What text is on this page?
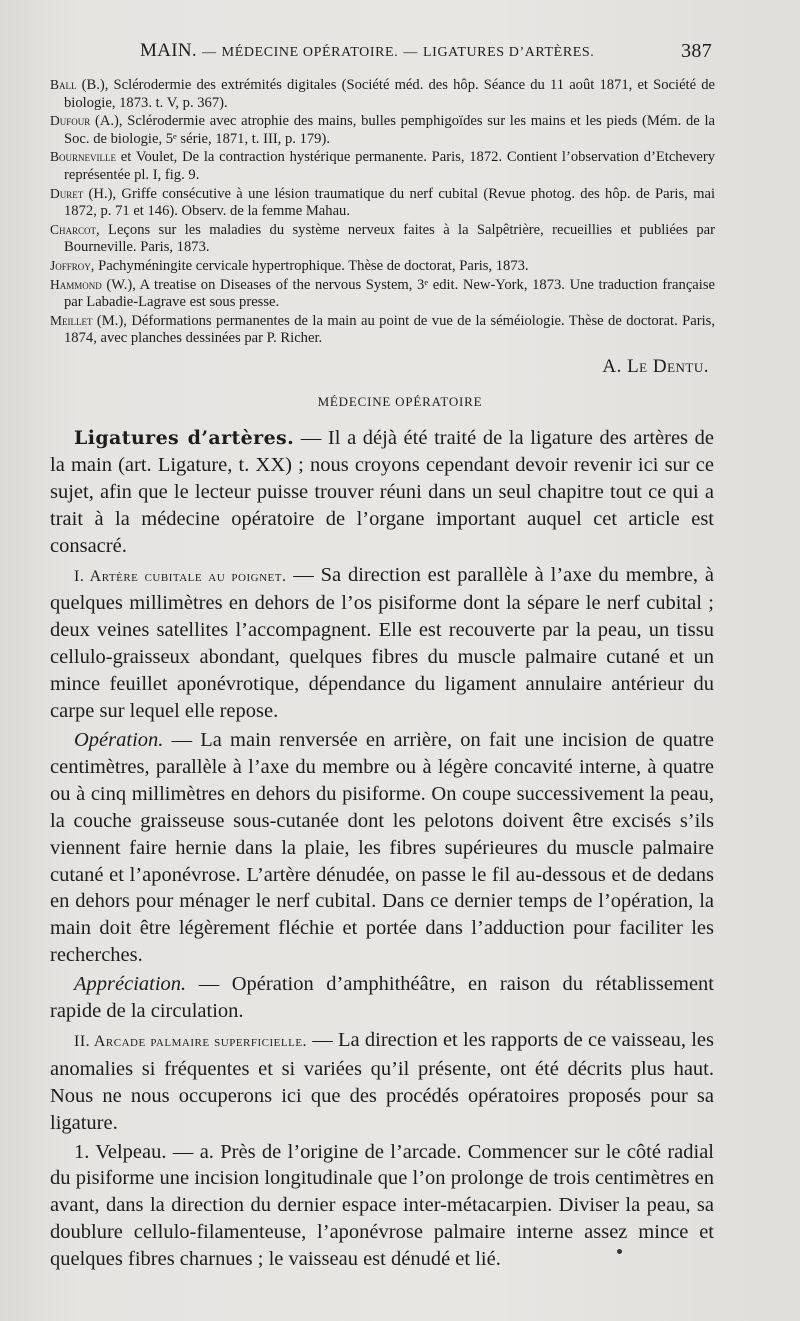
MAIN. — MÉDECINE OPÉRATOIRE. — LIGATURES D’ARTÈRES.	387
Ball (B.), Sclérodermie des extrémités digitales (Société méd. des hôp. Séance du 11 août 1871, et Société de biologie, 1873. t. V, p. 367).
Dufour (A.), Sclérodermie avec atrophie des mains, bulles pemphigoïdes sur les mains et les pieds (Mém. de la Soc. de biologie, 5ᵉ série, 1871, t. III, p. 179).
Bourneville et Voulet, De la contraction hystérique permanente. Paris, 1872. Contient l’observation d’Etchevery représentée pl. I, fig. 9.
Duret (H.), Griffe consécutive à une lésion traumatique du nerf cubital (Revue photog. des hôp. de Paris, mai 1872, p. 71 et 146). Observ. de la femme Mahau.
Charcot, Leçons sur les maladies du système nerveux faites à la Salpêtrière, recueillies et publiées par Bourneville. Paris, 1873.
Joffroy, Pachyméningite cervicale hypertrophique. Thèse de doctorat, Paris, 1873.
Hammond (W.), A treatise on Diseases of the nervous System, 3ᵉ edit. New-York, 1873. Une traduction française par Labadie-Lagrave est sous presse.
Meillet (M.), Déformations permanentes de la main au point de vue de la séméiologie. Thèse de doctorat. Paris, 1874, avec planches dessinées par P. Richer.
A. Le Dentu.
MÉDECINE OPÉRATOIRE

Ligatures d’artères. — Il a déjà été traité de la ligature des artères de la main (art. Ligature, t. XX) ; nous croyons cependant devoir revenir ici sur ce sujet, afin que le lecteur puisse trouver réuni dans un seul chapitre tout ce qui a trait à la médecine opératoire de l’organe important auquel cet article est consacré.

I. Artère cubitale au poignet. — Sa direction est parallèle à l’axe du membre, à quelques millimètres en dehors de l’os pisiforme dont la sépare le nerf cubital ; deux veines satellites l’accompagnent. Elle est recouverte par la peau, un tissu cellulo-graisseux abondant, quelques fibres du muscle palmaire cutané et un mince feuillet aponévrotique, dépendance du ligament annulaire antérieur du carpe sur lequel elle repose.

Opération. — La main renversée en arrière, on fait une incision de quatre centimètres, parallèle à l’axe du membre ou à légère concavité interne, à quatre ou à cinq millimètres en dehors du pisiforme. On coupe successivement la peau, la couche graisseuse sous-cutanée dont les pelotons doivent être excisés s’ils viennent faire hernie dans la plaie, les fibres supérieures du muscle palmaire cutané et l’aponévrose. L’artère dénudée, on passe le fil au-dessous et de dedans en dehors pour ménager le nerf cubital. Dans ce dernier temps de l’opération, la main doit être légèrement fléchie et portée dans l’adduction pour faciliter les recherches.

Appréciation. — Opération d’amphithéâtre, en raison du rétablissement rapide de la circulation.

II. Arcade palmaire superficielle. — La direction et les rapports de ce vaisseau, les anomalies si fréquentes et si variées qu’il présente, ont été décrits plus haut. Nous ne nous occuperons ici que des procédés opératoires proposés pour sa ligature.

1. Velpeau. — a. Près de l’origine de l’arcade. Commencer sur le côté radial du pisiforme une incision longitudinale que l’on prolonge de trois centimètres en avant, dans la direction du dernier espace inter-métacarpien. Diviser la peau, sa doublure cellulo-filamenteuse, l’aponévrose palmaire interne assez mince et quelques fibres charnues ; le vaisseau est dénudé et lié.
